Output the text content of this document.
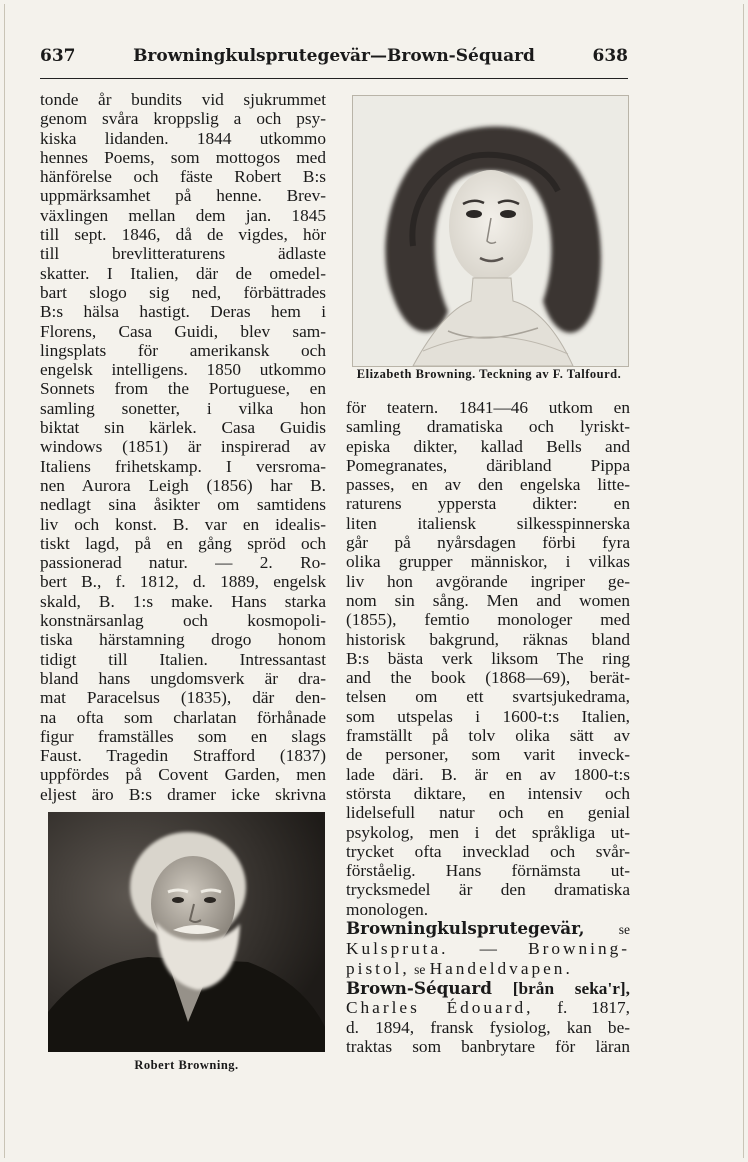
637	Browningkulsprutegevär—Brown-Séquard	638
tonde år bundits vid sjukrummet
genom svåra kroppslig a och psy-
kiska lidanden. 1844 utkommo
hennes Poems, som mottogos med
hänförelse och fäste Robert B:s
uppmärksamhet på henne. Brev-
växlingen mellan dem jan. 1845
till sept. 1846, då de vigdes, hör
till brevlitteraturens ädlaste
skatter. I Italien, där de omedel-
bart slogo sig ned, förbättrades
B:s hälsa hastigt. Deras hem i
Florens, Casa Guidi, blev sam-
lingsplats för amerikansk och
engelsk intelligens. 1850 utkommo
Sonnets from the Portuguese, en
samling sonetter, i vilka hon
biktat sin kärlek. Casa Guidis
windows (1851) är inspirerad av
Italiens frihetskamp. I versroma-
nen Aurora Leigh (1856) har B.
nedlagt sina åsikter om samtidens
liv och konst. B. var en idealis-
tiskt lagd, på en gång spröd och
passionerad natur. — 2. Ro-
bert B., f. 1812, d. 1889, engelsk
skald, B. 1:s make. Hans starka
konstnärsanlag och kosmopoli-
tiska härstamning drogo honom
tidigt till Italien. Intressantast
bland hans ungdomsverk är dra-
mat Paracelsus (1835), där den-
na ofta som charlatan förhånade
figur framställes som en slags
Faust. Tragedin Strafford (1837)
uppfördes på Covent Garden, men
eljest äro B:s dramer icke skrivna
Elizabeth Browning. Teckning av F. Talfourd.
Robert Browning.
för teatern. 1841—46 utkom en
samling dramatiska och lyriskt-
episka dikter, kallad Bells and
Pomegranates, däribland Pippa
passes, en av den engelska litte-
raturens yppersta dikter: en
liten italiensk silkesspinnerska
går på nyårsdagen förbi fyra
olika grupper människor, i vilkas
liv hon avgörande ingriper ge-
nom sin sång. Men and women
(1855), femtio monologer med
historisk bakgrund, räknas bland
B:s bästa verk liksom The ring
and the book (1868—69), berät-
telsen om ett svartsjukedrama,
som utspelas i 1600-t:s Italien,
framställt på tolv olika sätt av
de personer, som varit inveck-
lade däri. B. är en av 1800-t:s
största diktare, en intensiv och
lidelsefull natur och en genial
psykolog, men i det språkliga ut-
trycket ofta invecklad och svår-
förståelig. Hans förnämsta ut-
trycksmedel är den dramatiska
monologen.
Browningkulsprutegevär,	se
Kulspruta. — Browning-
pistol, se Handeldvapen.
Brown-Séquard [brån seka'r],
Charles Édouard, f. 1817,
d. 1894, fransk fysiolog, kan be-
traktas som banbrytare för läran
